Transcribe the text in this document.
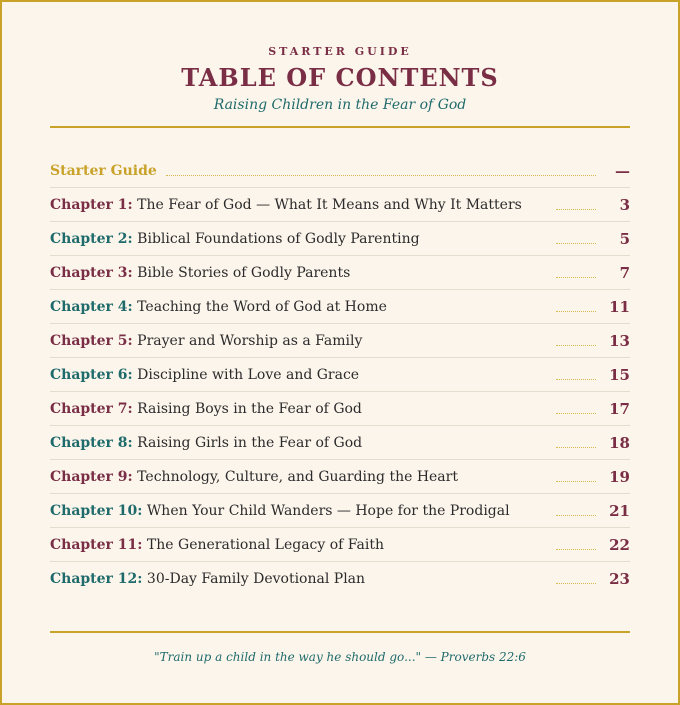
STARTER GUIDE
TABLE OF CONTENTS
Raising Children in the Fear of God
Starter Guide	—
Chapter 1: The Fear of God — What It Means and Why It Matters	3
Chapter 2: Biblical Foundations of Godly Parenting	5
Chapter 3: Bible Stories of Godly Parents	7
Chapter 4: Teaching the Word of God at Home	11
Chapter 5: Prayer and Worship as a Family	13
Chapter 6: Discipline with Love and Grace	15
Chapter 7: Raising Boys in the Fear of God	17
Chapter 8: Raising Girls in the Fear of God	18
Chapter 9: Technology, Culture, and Guarding the Heart	19
Chapter 10: When Your Child Wanders — Hope for the Prodigal	21
Chapter 11: The Generational Legacy of Faith	22
Chapter 12: 30-Day Family Devotional Plan	23
"Train up a child in the way he should go..." — Proverbs 22:6
